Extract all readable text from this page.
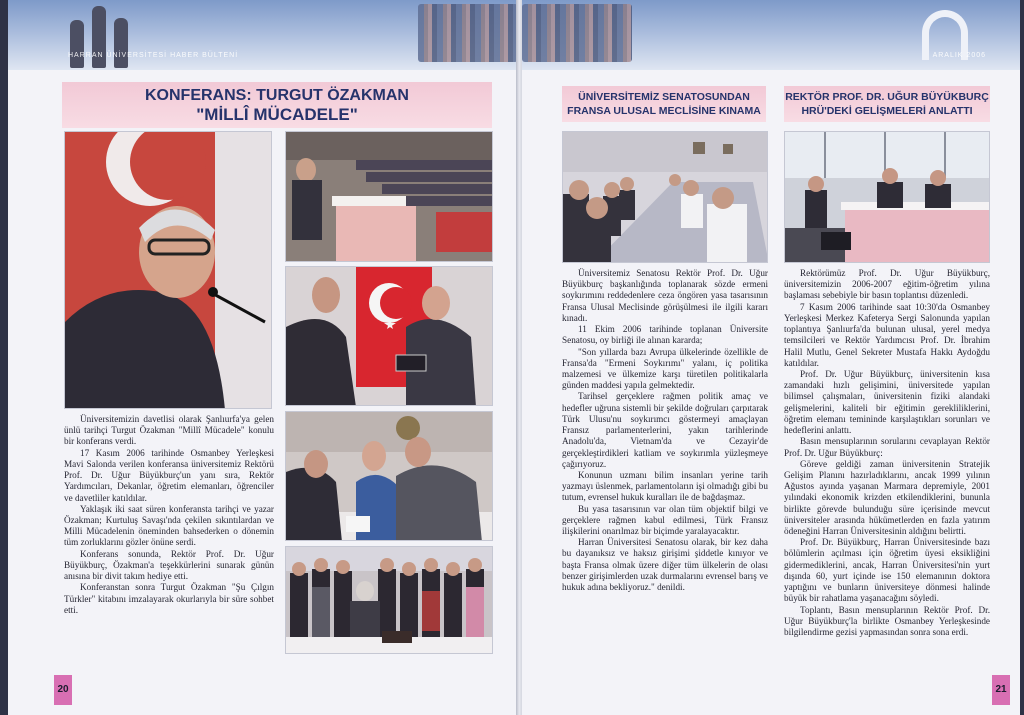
HARRAN ÜNİVERSİTESİ HABER BÜLTENİ
KONFERANS: TURGUT ÖZAKMAN
"MİLLÎ MÜCADELE"

Üniversitemizin davetlisi olarak Şanlıurfa'ya gelen ünlü tarihçi Turgut Özakman "Millî Mücadele" konulu bir konferans verdi.

17 Kasım 2006 tarihinde Osmanbey Yerleşkesi Mavi Salonda verilen konferansa üniversitemiz Rektörü Prof. Dr. Uğur Büyükburç'un yanı sıra, Rektör Yardımcıları, Dekanlar, öğretim elemanları, öğrenciler ve davetliler katıldılar.

Yaklaşık iki saat süren konferansta tarihçi ve yazar Özakman; Kurtuluş Savaşı'nda çekilen sıkıntılardan ve Milli Mücadelenin öneminden bahsederken o dönemin tüm zorluklarını gözler önüne serdi.

Konferans sonunda, Rektör Prof. Dr. Uğur Büyükburç, Özakman'a teşekkürlerini sunarak günün anısına bir divit takım hediye etti.

Konferanstan sonra Turgut Özakman "Şu Çılgın Türkler" kitabını imzalayarak okurlarıyla bir süre sohbet etti.

20
ARALIK 2006
ÜNİVERSİTEMİZ SENATOSUNDAN
FRANSA ULUSAL MECLİSİNE KINAMA
REKTÖR PROF. DR. UĞUR BÜYÜKBURÇ
HRÜ'DEKİ GELİŞMELERİ ANLATTI

Üniversitemiz Senatosu Rektör Prof. Dr. Uğur Büyükburç başkanlığında toplanarak sözde ermeni soykırımını reddedenlere ceza öngören yasa tasarısının Fransa Ulusal Meclisinde görüşülmesi ile ilgili kararı kınadı.

11 Ekim 2006 tarihinde toplanan Üniversite Senatosu, oy birliği ile alınan kararda;

"Son yıllarda bazı Avrupa ülkelerinde özellikle de Fransa'da "Ermeni Soykırımı" yalanı, iç politika malzemesi ve ülkemize karşı türetilen politikalarla günden maddesi yapıla gelmektedir.

Tarihsel gerçeklere rağmen politik amaç ve hedefler uğruna sistemli bir şekilde doğruları çarpıtarak Türk Ulusu'nu soykırımcı göstermeyi amaçlayan Fransız parlamenterlerini, yakın tarihlerinde Anadolu'da, Vietnam'da ve Cezayir'de gerçekleştirdikleri katliam ve soykırımla yüzleşmeye çağırıyoruz.

Konunun uzmanı bilim insanları yerine tarih yazmayı üslenmek, parlamentoların işi olmadığı gibi bu tutum, evrensel hukuk kuralları ile de bağdaşmaz.

Bu yasa tasarısının var olan tüm objektif bilgi ve gerçeklere rağmen kabul edilmesi, Türk Fransız ilişkilerini onarılmaz bir biçimde yaralayacaktır.

Harran Üniversitesi Senatosu olarak, bir kez daha bu dayanıksız ve haksız girişimi şiddetle kınıyor ve başta Fransa olmak üzere diğer tüm ülkelerin de olası benzer girişimlerden uzak durmalarını evrensel barış ve hukuk adına bekliyoruz." denildi.

Rektörümüz Prof. Dr. Uğur Büyükburç, üniversitemizin 2006-2007 eğitim-öğretim yılına başlaması sebebiyle bir basın toplantısı düzenledi.

7 Kasım 2006 tarihinde saat 10:30'da Osmanbey Yerleşkesi Merkez Kafeterya Sergi Salonunda yapılan toplantıya Şanlıurfa'da bulunan ulusal, yerel medya temsilcileri ve Rektör Yardımcısı Prof. Dr. İbrahim Halil Mutlu, Genel Sekreter Mustafa Hakkı Aydoğdu katıldılar.

Prof. Dr. Uğur Büyükburç, üniversitenin kısa zamandaki hızlı gelişimini, üniversitede yapılan bilimsel çalışmaları, üniversitenin fiziki alandaki gelişmelerini, kaliteli bir eğitimin gerekliliklerini, öğretim elemanı temininde karşılaştıkları sorunları ve hedeflerini anlattı.

Basın mensuplarının sorularını cevaplayan Rektör Prof. Dr. Uğur Büyükburç:

Göreve geldiği zaman üniversitenin Stratejik Gelişim Planını hazırladıklarını, ancak 1999 yılının Ağustos ayında yaşanan Marmara depremiyle, 2001 yılındaki ekonomik krizden etkilendiklerini, bununla birlikte görevde bulunduğu süre içerisinde mevcut üniversiteler arasında hükümetlerden en fazla yatırım ödeneğini Harran Üniversitesinin aldığını belirtti.

Prof. Dr. Büyükburç, Harran Üniversitesinde bazı bölümlerin açılması için öğretim üyesi eksikliğini gidermediklerini, ancak, Harran Üniversitesi'nin yurt dışında 60, yurt içinde ise 150 elemanının doktora yaptığını ve bunların üniversiteye dönmesi halinde büyük bir rahatlama yaşanacağını söyledi.

Toplantı, Basın mensuplarının Rektör Prof. Dr. Uğur Büyükburç'la birlikte Osmanbey Yerleşkesinde bilgilendirme gezisi yapmasından sonra sona erdi.

21
